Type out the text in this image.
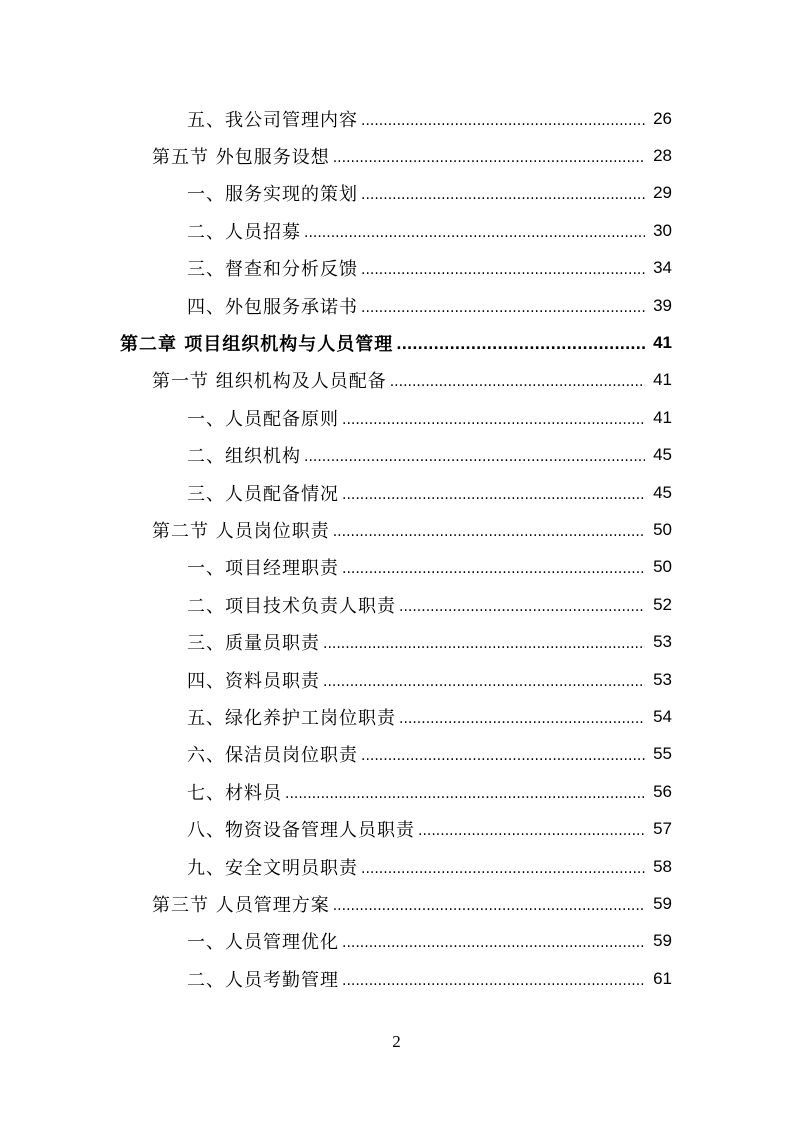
五、我公司管理内容 .....	26
第五节 外包服务设想 .....	28
一、服务实现的策划 .....	29
二、人员招募 .....	30
三、督查和分析反馈 .....	34
四、外包服务承诺书 .....	39
第二章 项目组织机构与人员管理 .....	41
第一节 组织机构及人员配备 .....	41
一、人员配备原则 .....	41
二、组织机构 .....	45
三、人员配备情况 .....	45
第二节 人员岗位职责 .....	50
一、项目经理职责 .....	50
二、项目技术负责人职责 .....	52
三、质量员职责 .....	53
四、资料员职责 .....	53
五、绿化养护工岗位职责 .....	54
六、保洁员岗位职责 .....	55
七、材料员 .....	56
八、物资设备管理人员职责 .....	57
九、安全文明员职责 .....	58
第三节 人员管理方案 .....	59
一、人员管理优化 .....	59
二、人员考勤管理 .....	61
2
